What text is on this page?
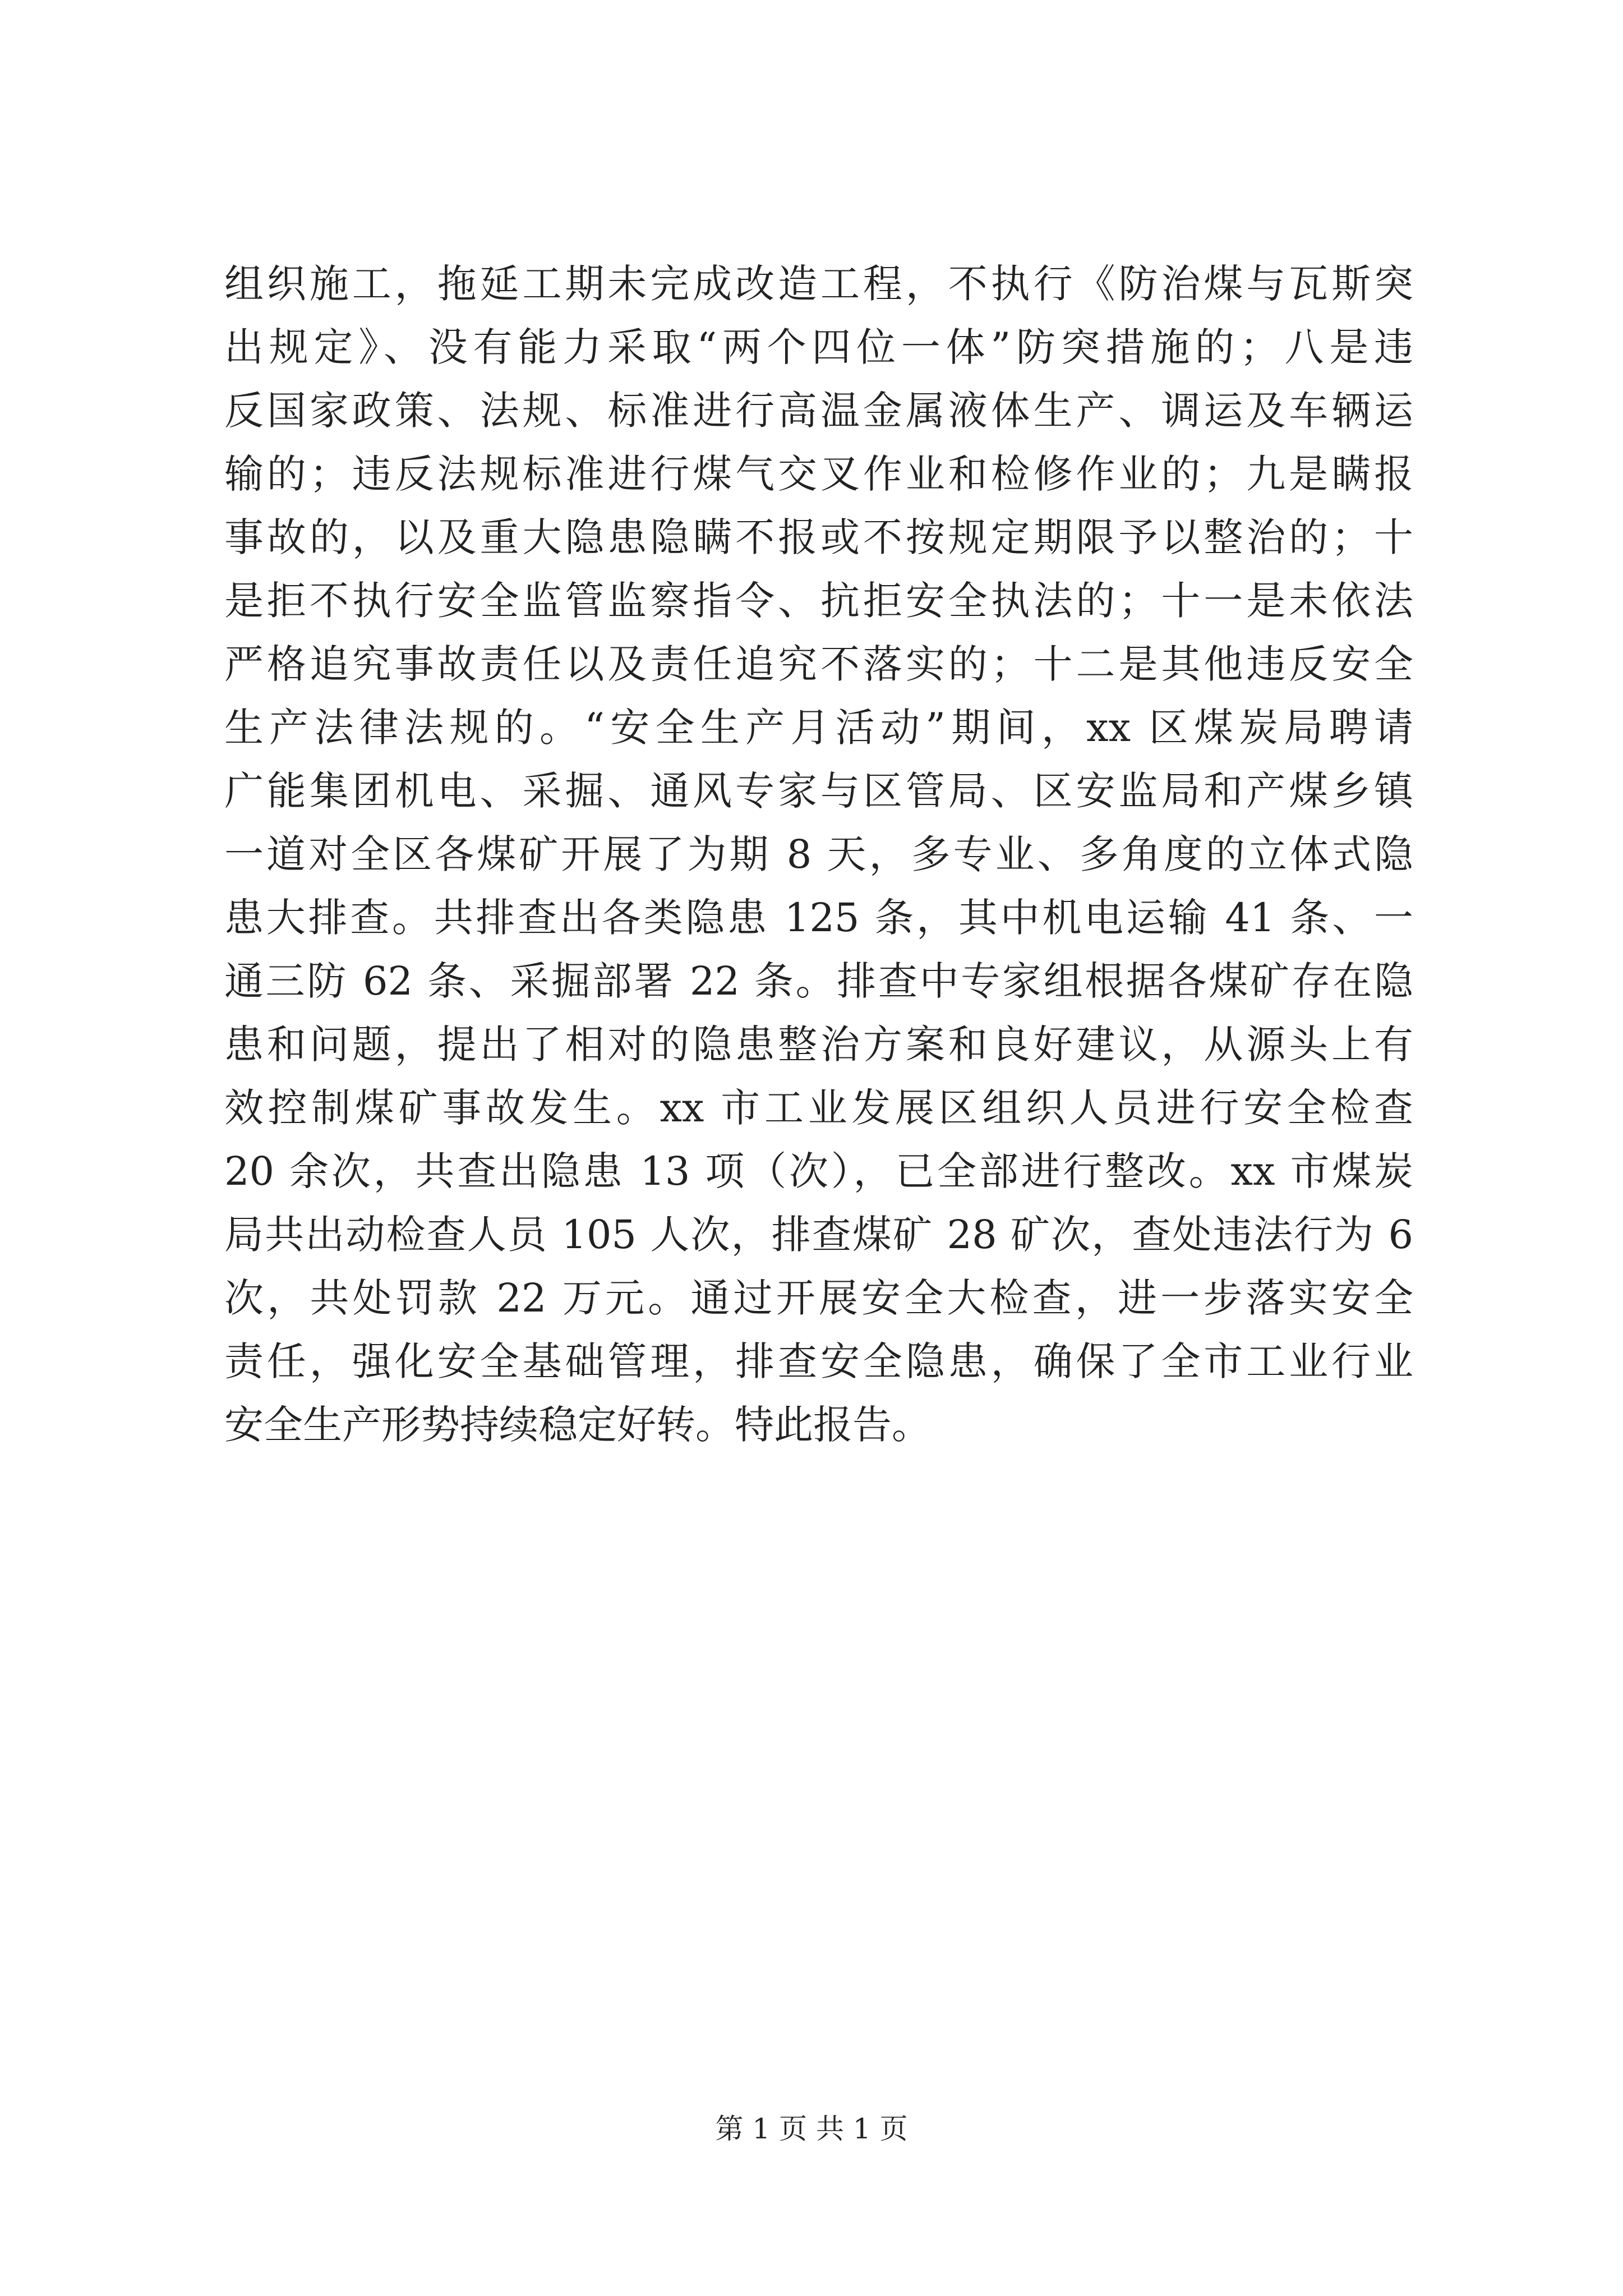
组织施工，拖延工期未完成改造工程，不执行《防治煤与瓦斯突
出规定》、没有能力采取“两个四位一体”防突措施的；八是违
反国家政策、法规、标准进行高温金属液体生产、调运及车辆运
输的；违反法规标准进行煤气交叉作业和检修作业的；九是瞒报
事故的，以及重大隐患隐瞒不报或不按规定期限予以整治的；十
是拒不执行安全监管监察指令、抗拒安全执法的；十一是未依法
严格追究事故责任以及责任追究不落实的；十二是其他违反安全
生产法律法规的。“安全生产月活动”期间，xx 区煤炭局聘请
广能集团机电、采掘、通风专家与区管局、区安监局和产煤乡镇
一道对全区各煤矿开展了为期 8 天，多专业、多角度的立体式隐
患大排查。共排查出各类隐患 125 条，其中机电运输 41 条、一
通三防 62 条、采掘部署 22 条。排查中专家组根据各煤矿存在隐
患和问题，提出了相对的隐患整治方案和良好建议，从源头上有
效控制煤矿事故发生。xx 市工业发展区组织人员进行安全检查
20 余次，共查出隐患 13 项（次），已全部进行整改。xx 市煤炭
局共出动检查人员 105 人次，排查煤矿 28 矿次，查处违法行为 6
次，共处罚款 22 万元。通过开展安全大检查，进一步落实安全
责任，强化安全基础管理，排查安全隐患，确保了全市工业行业
安全生产形势持续稳定好转。特此报告。
第 1 页 共 1 页
